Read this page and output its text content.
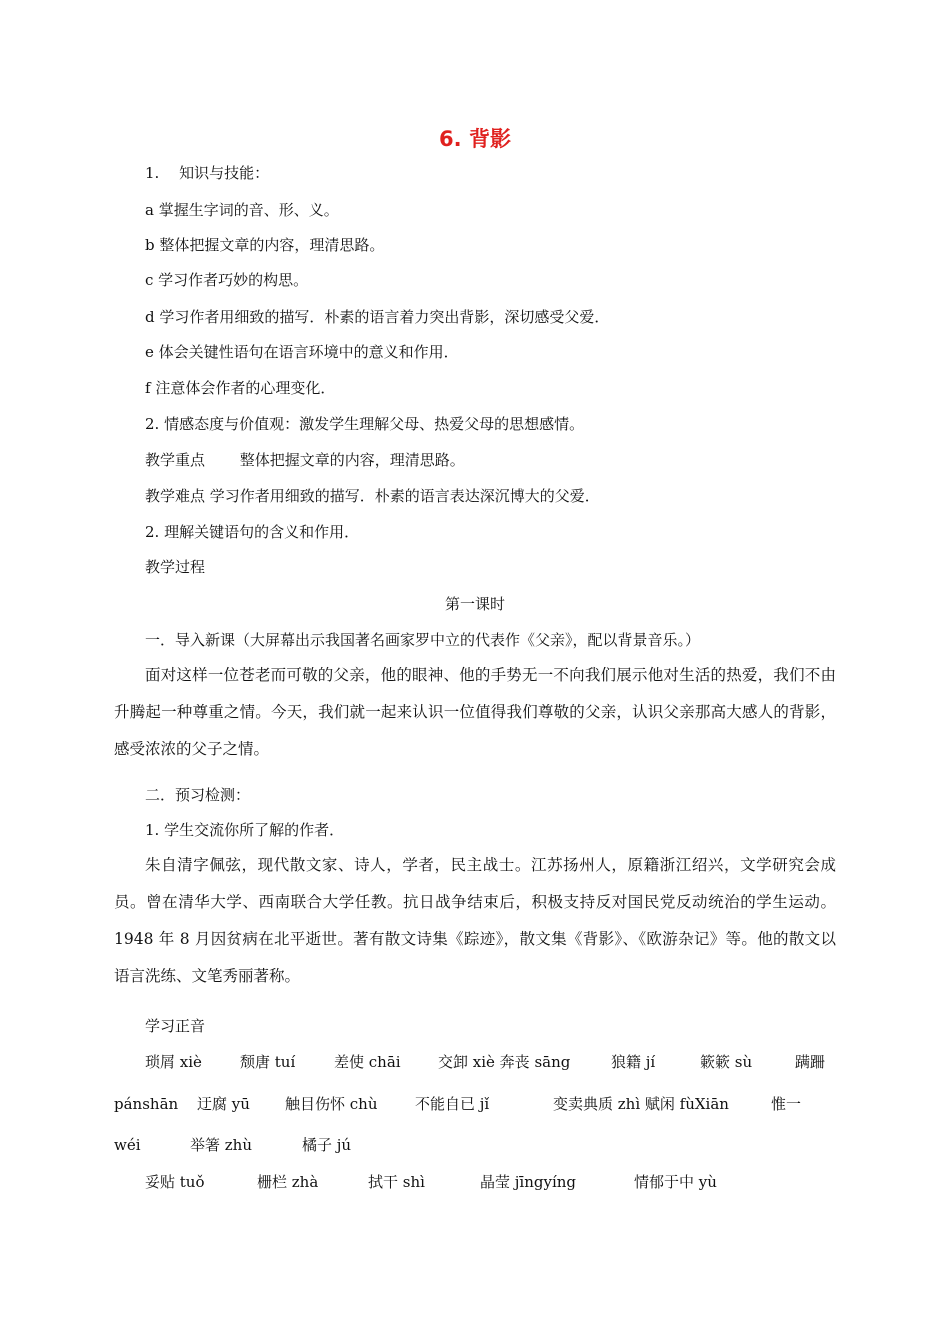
6. 背影
1.　 知识与技能：
a 掌握生字词的音、形、义。
b 整体把握文章的内容，理清思路。
c 学习作者巧妙的构思。
d 学习作者用细致的描写．朴素的语言着力突出背影，深切感受父爱．
e 体会关键性语句在语言环境中的意义和作用．
f 注意体会作者的心理变化．
2. 情感态度与价值观：激发学生理解父母、热爱父母的思想感情。
教学重点　　 整体把握文章的内容，理清思路。
教学难点 学习作者用细致的描写．朴素的语言表达深沉博大的父爱．
2. 理解关键语句的含义和作用．
教学过程
第一课时
一．导入新课（大屏幕出示我国著名画家罗中立的代表作《父亲》，配以背景音乐。）
面对这样一位苍老而可敬的父亲，他的眼神、他的手势无一不向我们展示他对生活的热爱，我们不由升腾起一种尊重之情。今天，我们就一起来认识一位值得我们尊敬的父亲，认识父亲那高大感人的背影，感受浓浓的父子之情。
二．预习检测：
1. 学生交流你所了解的作者．
朱自清字佩弦，现代散文家、诗人，学者，民主战士。江苏扬州人，原籍浙江绍兴，文学研究会成员。曾在清华大学、西南联合大学任教。抗日战争结束后，积极支持反对国民党反动统治的学生运动。1948 年 8 月因贫病在北平逝世。著有散文诗集《踪迹》，散文集《背影》、《欧游杂记》等。他的散文以语言洗练、文笔秀丽著称。
学习正音
琐屑 xiè	颓唐 tuí	差使 chāi 交卸 xiè 奔丧 sāng	狼籍 jí	簌簌 sù	蹒跚
pánshān 迂腐 yū 触目伤怀 chù	不能自已 jǐ	变卖典质 zhì 赋闲 fùXiān	惟一
wéi	举箸 zhù	橘子 jú
妥贴 tuǒ	栅栏 zhà	拭干 shì	晶莹 jīngyíng	情郁于中 yù
